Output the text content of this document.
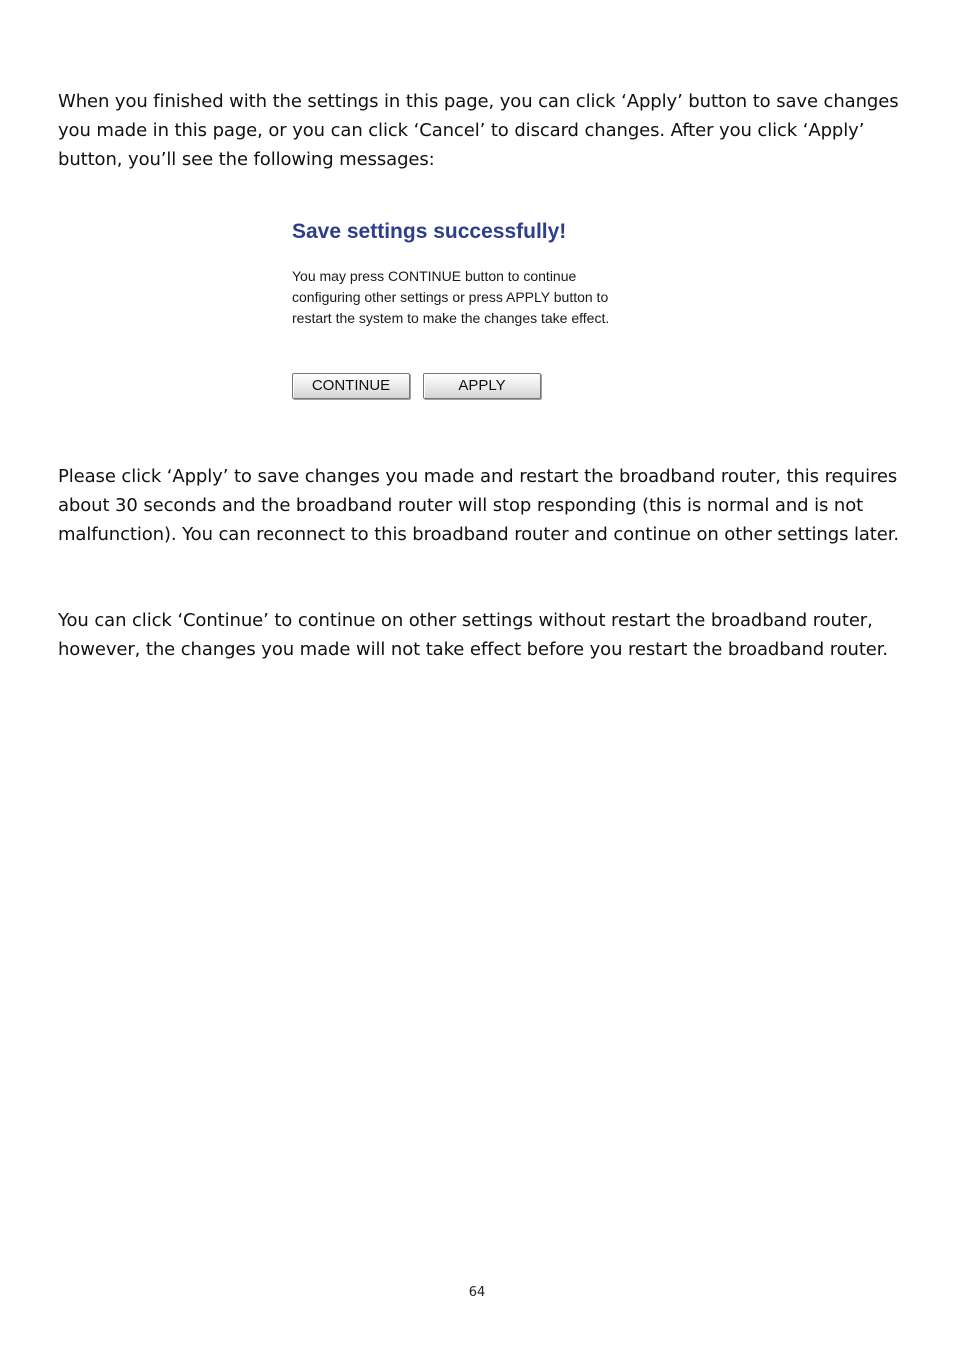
When you finished with the settings in this page, you can click ‘Apply’ button to save changes you made in this page, or you can click ‘Cancel’ to discard changes. After you click ‘Apply’ button, you’ll see the following messages:

Save settings successfully!

You may press CONTINUE button to continue
configuring other settings or press APPLY button to
restart the system to make the changes take effect.

CONTINUE	APPLY

Please click ‘Apply’ to save changes you made and restart the broadband router, this requires about 30 seconds and the broadband router will stop responding (this is normal and is not malfunction). You can reconnect to this broadband router and continue on other settings later.

You can click ‘Continue’ to continue on other settings without restart the broadband router, however, the changes you made will not take effect before you restart the broadband router.

64
